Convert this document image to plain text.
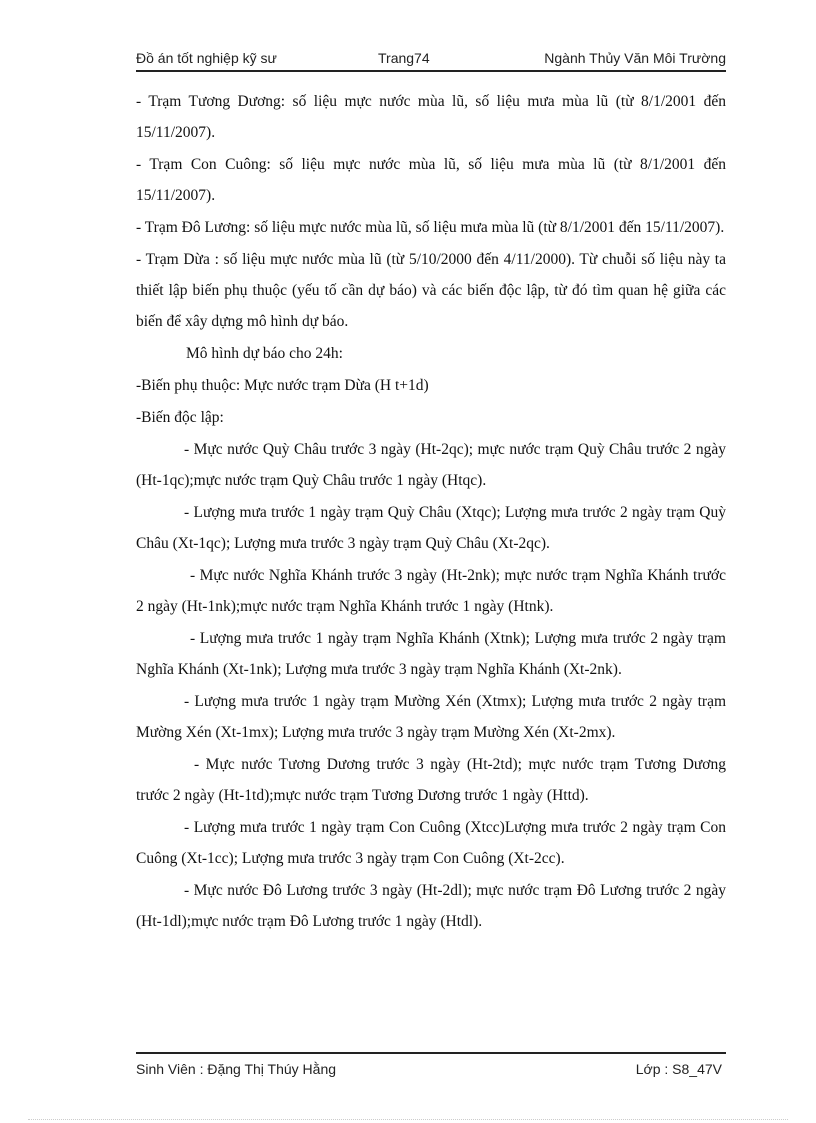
Đồ án tốt nghiệp kỹ sư	Trang74	Ngành Thủy Văn Môi Trường

- Trạm Tương Dương: số liệu mực nước mùa lũ, số liệu mưa mùa lũ (từ 8/1/2001 đến 15/11/2007).

- Trạm Con Cuông: số liệu mực nước mùa lũ, số liệu mưa mùa lũ (từ 8/1/2001 đến 15/11/2007).

- Trạm Đô Lương: số liệu mực nước mùa lũ, số liệu mưa mùa lũ (từ 8/1/2001 đến 15/11/2007).

- Trạm Dừa : số liệu mực nước mùa lũ (từ 5/10/2000 đến 4/11/2000). Từ chuỗi số liệu này ta thiết lập biến phụ thuộc (yếu tố cần dự báo) và các biến độc lập, từ đó tìm quan hệ giữa các biến để xây dựng mô hình dự báo.

Mô hình dự báo cho 24h:

-Biến phụ thuộc: Mực nước trạm Dừa (H t+1d)

-Biến độc lập:

- Mực nước Quỳ Châu trước 3 ngày (Ht-2qc); mực nước trạm Quỳ Châu trước 2 ngày (Ht-1qc);mực nước trạm Quỳ Châu trước 1 ngày (Htqc).

- Lượng mưa trước 1 ngày trạm Quỳ Châu (Xtqc); Lượng mưa trước 2 ngày trạm Quỳ Châu (Xt-1qc); Lượng mưa trước 3 ngày trạm Quỳ Châu (Xt-2qc).

- Mực nước Nghĩa Khánh trước 3 ngày (Ht-2nk); mực nước trạm Nghĩa Khánh trước 2 ngày (Ht-1nk);mực nước trạm Nghĩa Khánh trước 1 ngày (Htnk).

- Lượng mưa trước 1 ngày trạm Nghĩa Khánh (Xtnk); Lượng mưa trước 2 ngày trạm Nghĩa Khánh (Xt-1nk); Lượng mưa trước 3 ngày trạm Nghĩa Khánh (Xt-2nk).

- Lượng mưa trước 1 ngày trạm Mường Xén (Xtmx); Lượng mưa trước 2 ngày trạm Mường Xén (Xt-1mx); Lượng mưa trước 3 ngày trạm Mường Xén (Xt-2mx).

- Mực nước Tương Dương trước 3 ngày (Ht-2td); mực nước trạm Tương Dương trước 2 ngày (Ht-1td);mực nước trạm Tương Dương trước 1 ngày (Httd).

- Lượng mưa trước 1 ngày trạm Con Cuông (Xtcc)Lượng mưa trước 2 ngày trạm Con Cuông (Xt-1cc); Lượng mưa trước 3 ngày trạm Con Cuông (Xt-2cc).

- Mực nước Đô Lương trước 3 ngày (Ht-2dl); mực nước trạm Đô Lương trước 2 ngày (Ht-1dl);mực nước trạm Đô Lương trước 1 ngày (Htdl).

Sinh Viên : Đặng Thị Thúy Hằng	Lớp : S8_47V
